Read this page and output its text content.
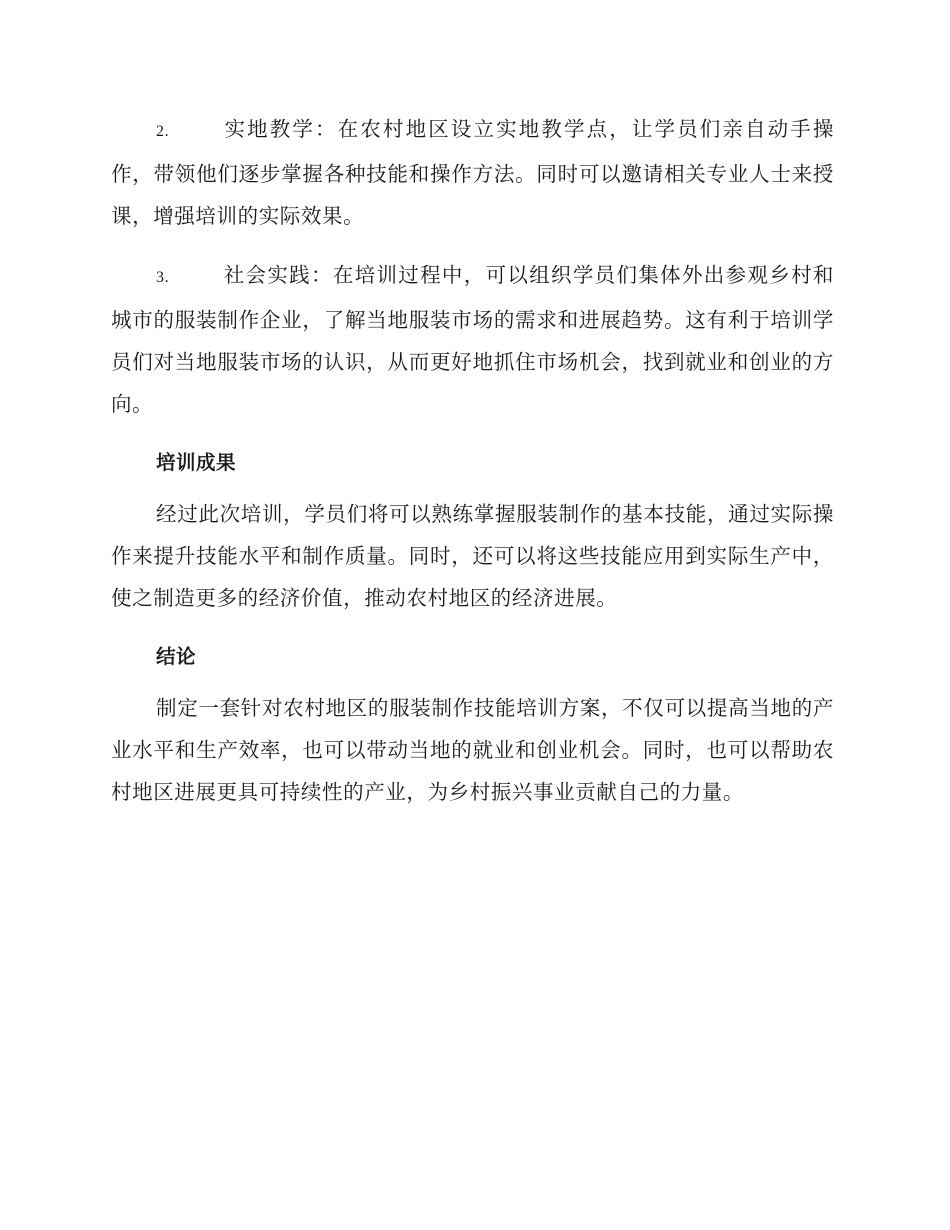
2.	实地教学：在农村地区设立实地教学点，让学员们亲自动手操作，带领他们逐步掌握各种技能和操作方法。同时可以邀请相关专业人士来授课，增强培训的实际效果。

3.	社会实践：在培训过程中，可以组织学员们集体外出参观乡村和城市的服装制作企业，了解当地服装市场的需求和进展趋势。这有利于培训学员们对当地服装市场的认识，从而更好地抓住市场机会，找到就业和创业的方向。

培训成果

经过此次培训，学员们将可以熟练掌握服装制作的基本技能，通过实际操作来提升技能水平和制作质量。同时，还可以将这些技能应用到实际生产中，使之制造更多的经济价值，推动农村地区的经济进展。

结论

制定一套针对农村地区的服装制作技能培训方案，不仅可以提高当地的产业水平和生产效率，也可以带动当地的就业和创业机会。同时，也可以帮助农村地区进展更具可持续性的产业，为乡村振兴事业贡献自己的力量。
